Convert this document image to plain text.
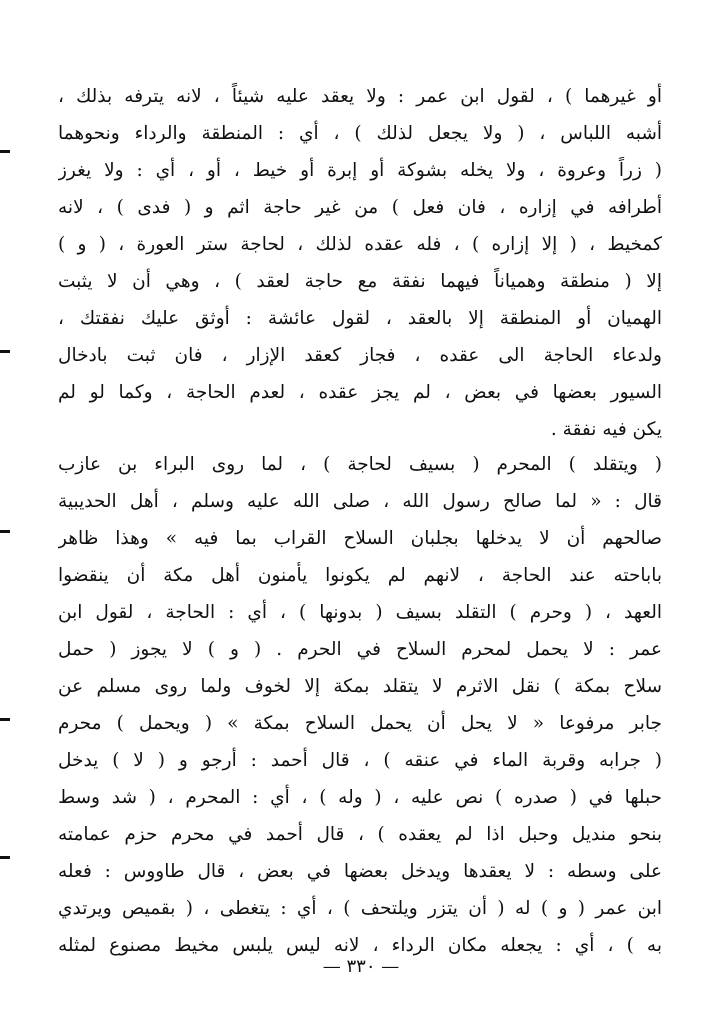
أو غيرهما ) ، لقول ابن عمر : ولا يعقد عليه شيئاً ، لانه يترفه بذلك ،
أشبه اللباس ، ( ولا يجعل لذلك ) ، أي : المنطقة والرداء ونحوهما
( زراً وعروة ، ولا يخله بشوكة أو إبرة أو خيط ، أو ، أي : ولا يغرز
أطرافه في إزاره ، فان فعل ) من غير حاجة اثم و ( فدى ) ، لانه
كمخيط ، ( إلا إزاره ) ، فله عقده لذلك ، لحاجة ستر العورة ، ( و )
إلا ( منطقة وهمياناً فيهما نفقة مع حاجة لعقد ) ، وهي أن لا يثبت
الهميان أو المنطقة إلا بالعقد ، لقول عائشة : أوثق عليك نفقتك ،
ولدعاء الحاجة الى عقده ، فجاز كعقد الإزار ، فان ثبت بادخال
السيور بعضها في بعض ، لم يجز عقده ، لعدم الحاجة ، وكما لو لم
يكن فيه نفقة .
( ويتقلد ) المحرم ( بسيف لحاجة ) ، لما روى البراء بن عازب
قال : « لما صالح رسول الله ، صلى الله عليه وسلم ، أهل الحديبية
صالحهم أن لا يدخلها بجلبان السلاح القراب بما فيه » وهذا ظاهر
باباحته عند الحاجة ، لانهم لم يكونوا يأمنون أهل مكة أن ينقضوا
العهد ، ( وحرم ) التقلد بسيف ( بدونها ) ، أي : الحاجة ، لقول ابن
عمر : لا يحمل لمحرم السلاح في الحرم . ( و ) لا يجوز ( حمل
سلاح بمكة ) نقل الاثرم لا يتقلد بمكة إلا لخوف ولما روى مسلم عن
جابر مرفوعا « لا يحل أن يحمل السلاح بمكة » ( ويحمل ) محرم
( جرابه وقربة الماء في عنقه ) ، قال أحمد : أرجو و ( لا ) يدخل
حبلها في ( صدره ) نص عليه ، ( وله ) ، أي : المحرم ، ( شد وسط
بنحو منديل وحبل اذا لم يعقده ) ، قال أحمد في محرم حزم عمامته
على وسطه : لا يعقدها ويدخل بعضها في بعض ، قال طاووس : فعله
ابن عمر ( و ) له ( أن يتزر ويلتحف ) ، أي : يتغطى ، ( بقميص ويرتدي
به ) ، أي : يجعله مكان الرداء ، لانه ليس يلبس مخيط مصنوع لمثله
— ٣٣٠ —
